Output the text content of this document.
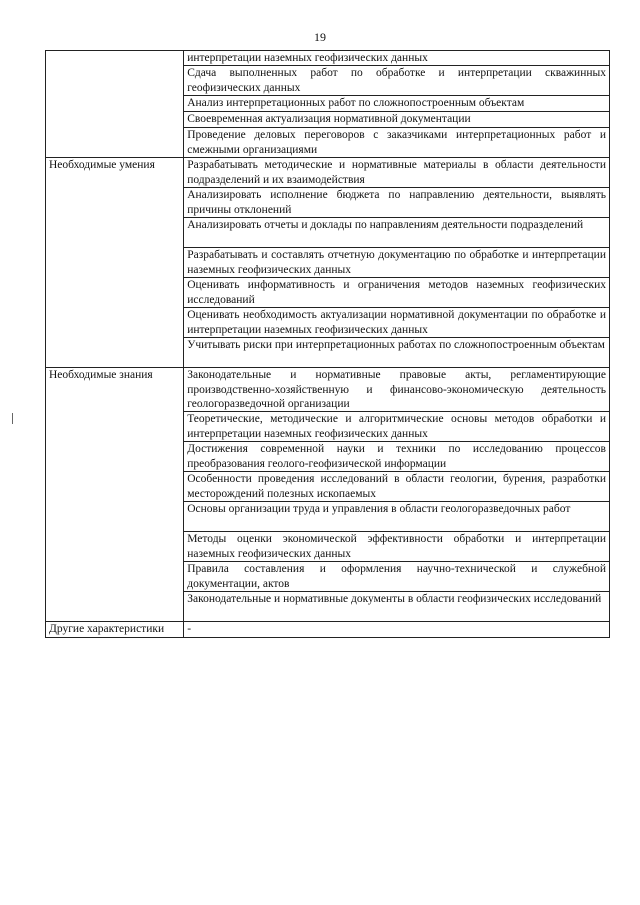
19
	интерпретации наземных геофизических данных
	Сдача выполненных работ по обработке и интерпретации скважинных геофизических данных
	Анализ интерпретационных работ по сложнопостроенным объектам
	Своевременная актуализация нормативной документации
	Проведение деловых переговоров с заказчиками интерпретационных работ и смежными организациями
Необходимые умения	Разрабатывать методические и нормативные материалы в области деятельности подразделений и их взаимодействия
	Анализировать исполнение бюджета по направлению деятельности, выявлять причины отклонений
	Анализировать отчеты и доклады по направлениям деятельности подразделений
	Разрабатывать и составлять отчетную документацию по обработке и интерпретации наземных геофизических данных
	Оценивать информативность и ограничения методов наземных геофизических исследований
	Оценивать необходимость актуализации нормативной документации по обработке и интерпретации наземных геофизических данных
	Учитывать риски при интерпретационных работах по сложнопостроенным объектам
Необходимые знания	Законодательные и нормативные правовые акты, регламентирующие производственно-хозяйственную и финансово-экономическую деятельность геологоразведочной организации
	Теоретические, методические и алгоритмические основы методов обработки и интерпретации наземных геофизических данных
	Достижения современной науки и техники по исследованию процессов преобразования геолого-геофизической информации
	Особенности проведения исследований в области геологии, бурения, разработки месторождений полезных ископаемых
	Основы организации труда и управления в области геологоразведочных работ
	Методы оценки экономической эффективности обработки и интерпретации наземных геофизических данных
	Правила составления и оформления научно-технической и служебной документации, актов
	Законодательные и нормативные документы в области геофизических исследований
Другие характеристики	-
